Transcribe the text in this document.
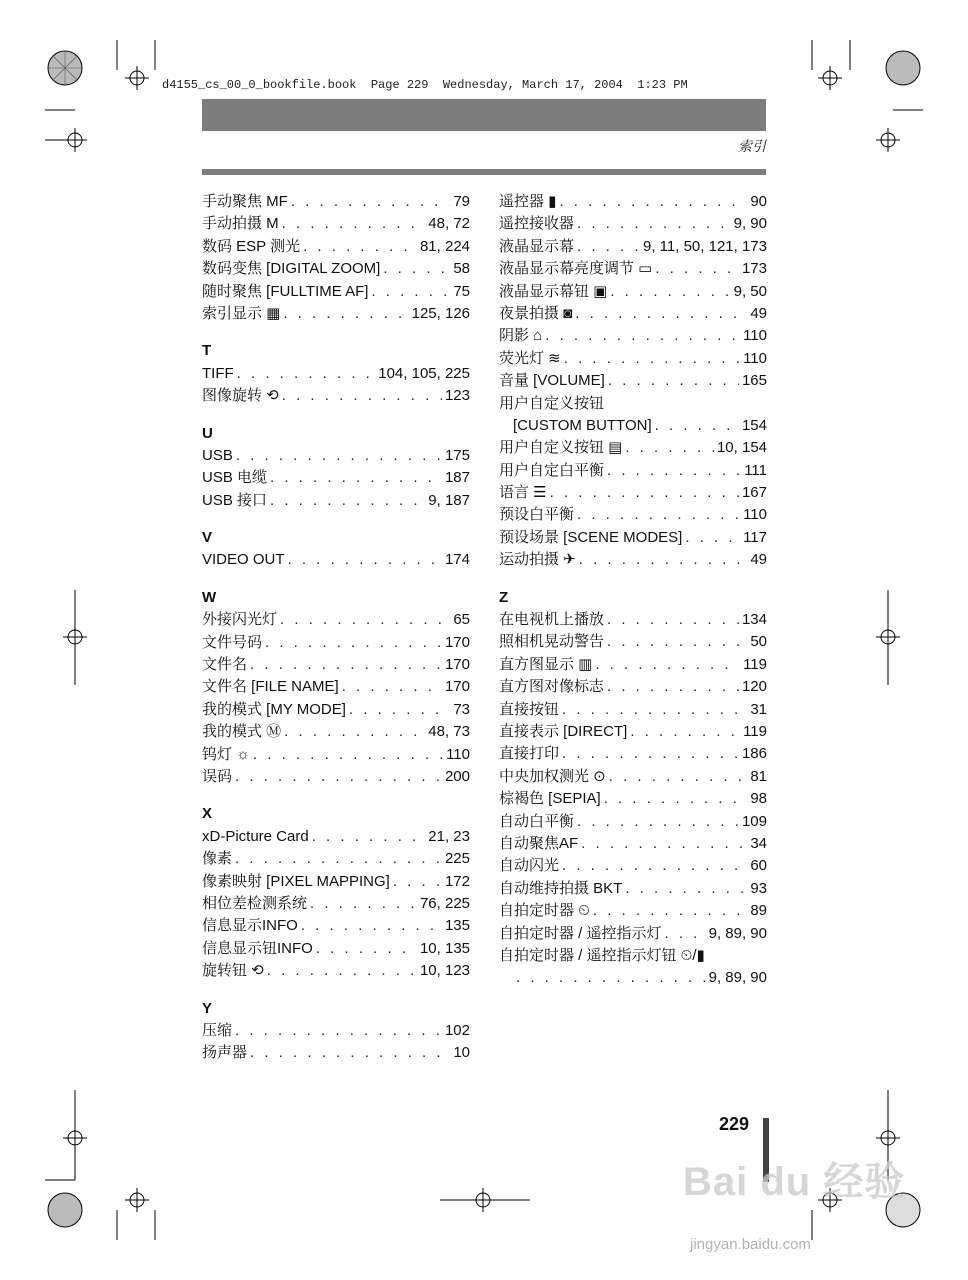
d4155_cs_00_0_bookfile.book  Page 229  Wednesday, March 17, 2004  1:23 PM
索引
手动聚焦 MF . . .	79
手动拍摄 M . . .	48, 72
数码 ESP 测光 . . .	81, 224
数码变焦 [DIGITAL ZOOM] . . .	58
随时聚焦 [FULLTIME AF] . . .	75
索引显示 ▦ . . .	125, 126
T
TIFF . . .	104, 105, 225
图像旋转 ⟲ . . .	123
U
USB . . .	175
USB 电缆 . . .	187
USB 接口 . . .	9, 187
V
VIDEO OUT . . .	174
W
外接闪光灯 . . .	65
文件号码 . . .	170
文件名 . . .	170
文件名 [FILE NAME] . . .	170
我的模式 [MY MODE] . . .	73
我的模式 Ⓜ . . .	48, 73
钨灯 ☼ . . .	110
误码 . . .	200
X
xD-Picture Card . . .	21, 23
像素 . . .	225
像素映射 [PIXEL MAPPING] . . .	172
相位差检测系统 . . .	76, 225
信息显示INFO . . .	135
信息显示钮INFO . . .	10, 135
旋转钮 ⟲ . . .	10, 123
Y
压缩 . . .	102
扬声器 . . .	10
遥控器 ▮ . . .	90
遥控接收器 . . .	9, 90
液晶显示幕 . . .	9, 11, 50, 121, 173
液晶显示幕亮度调节 ▭ . . .	173
液晶显示幕钮 ▣ . . .	9, 50
夜景拍摄 ◙ . . .	49
阴影 ⌂ . . .	110
荧光灯 ≋ . . .	110
音量 [VOLUME] . . .	165
用户自定义按钮
[CUSTOM BUTTON] . . .	154
用户自定义按钮 ▤ . . .	10, 154
用户自定白平衡 . . .	111
语言 ☰ . . .	167
预设白平衡 . . .	110
预设场景 [SCENE MODES] . . .	117
运动拍摄 ✈ . . .	49
Z
在电视机上播放 . . .	134
照相机晃动警告 . . .	50
直方图显示 ▥ . . .	119
直方图对像标志 . . .	120
直接按钮 . . .	31
直接表示 [DIRECT] . . .	119
直接打印 . . .	186
中央加权测光 ⊙ . . .	81
棕褐色 [SEPIA] . . .	98
自动白平衡 . . .	109
自动聚焦AF . . .	34
自动闪光 . . .	60
自动维持拍摄 BKT . . .	93
自拍定时器 ⏲ . . .	89
自拍定时器 / 遥控指示灯 . . .	9, 89, 90
自拍定时器 / 遥控指示灯钮 ⏲/▮
. . .
9, 89, 90
229
Bai du 经验
jingyan.baidu.com
